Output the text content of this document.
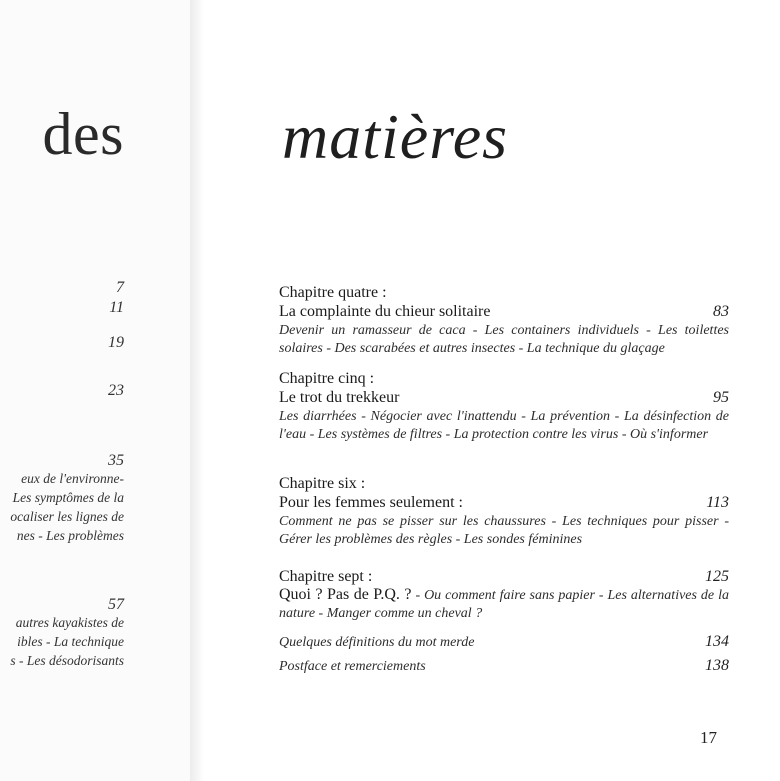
des
7
11
19
23
35
eux de l'environne-
Les symptômes de la
ocaliser les lignes de
nes - Les problèmes
57
autres kayakistes de
ibles - La technique
s - Les désodorisants
matières
Chapitre quatre :
La complainte du chieur solitaire	83
Devenir un ramasseur de caca - Les containers individuels - Les toilettes solaires - Des scarabées et autres insectes - La technique du glaçage
Chapitre cinq :
Le trot du trekkeur	95
Les diarrhées - Négocier avec l'inattendu - La prévention - La désinfection de l'eau - Les systèmes de filtres - La protection contre les virus - Où s'informer
Chapitre six :
Pour les femmes seulement :	113
Comment ne pas se pisser sur les chaussures - Les techniques pour pisser - Gérer les problèmes des règles - Les sondes féminines
Chapitre sept :	125
Quoi ? Pas de P.Q. ? - Ou comment faire sans papier - Les alternatives de la nature - Manger comme un cheval ?
Quelques définitions du mot merde	134
Postface et remerciements	138
17
